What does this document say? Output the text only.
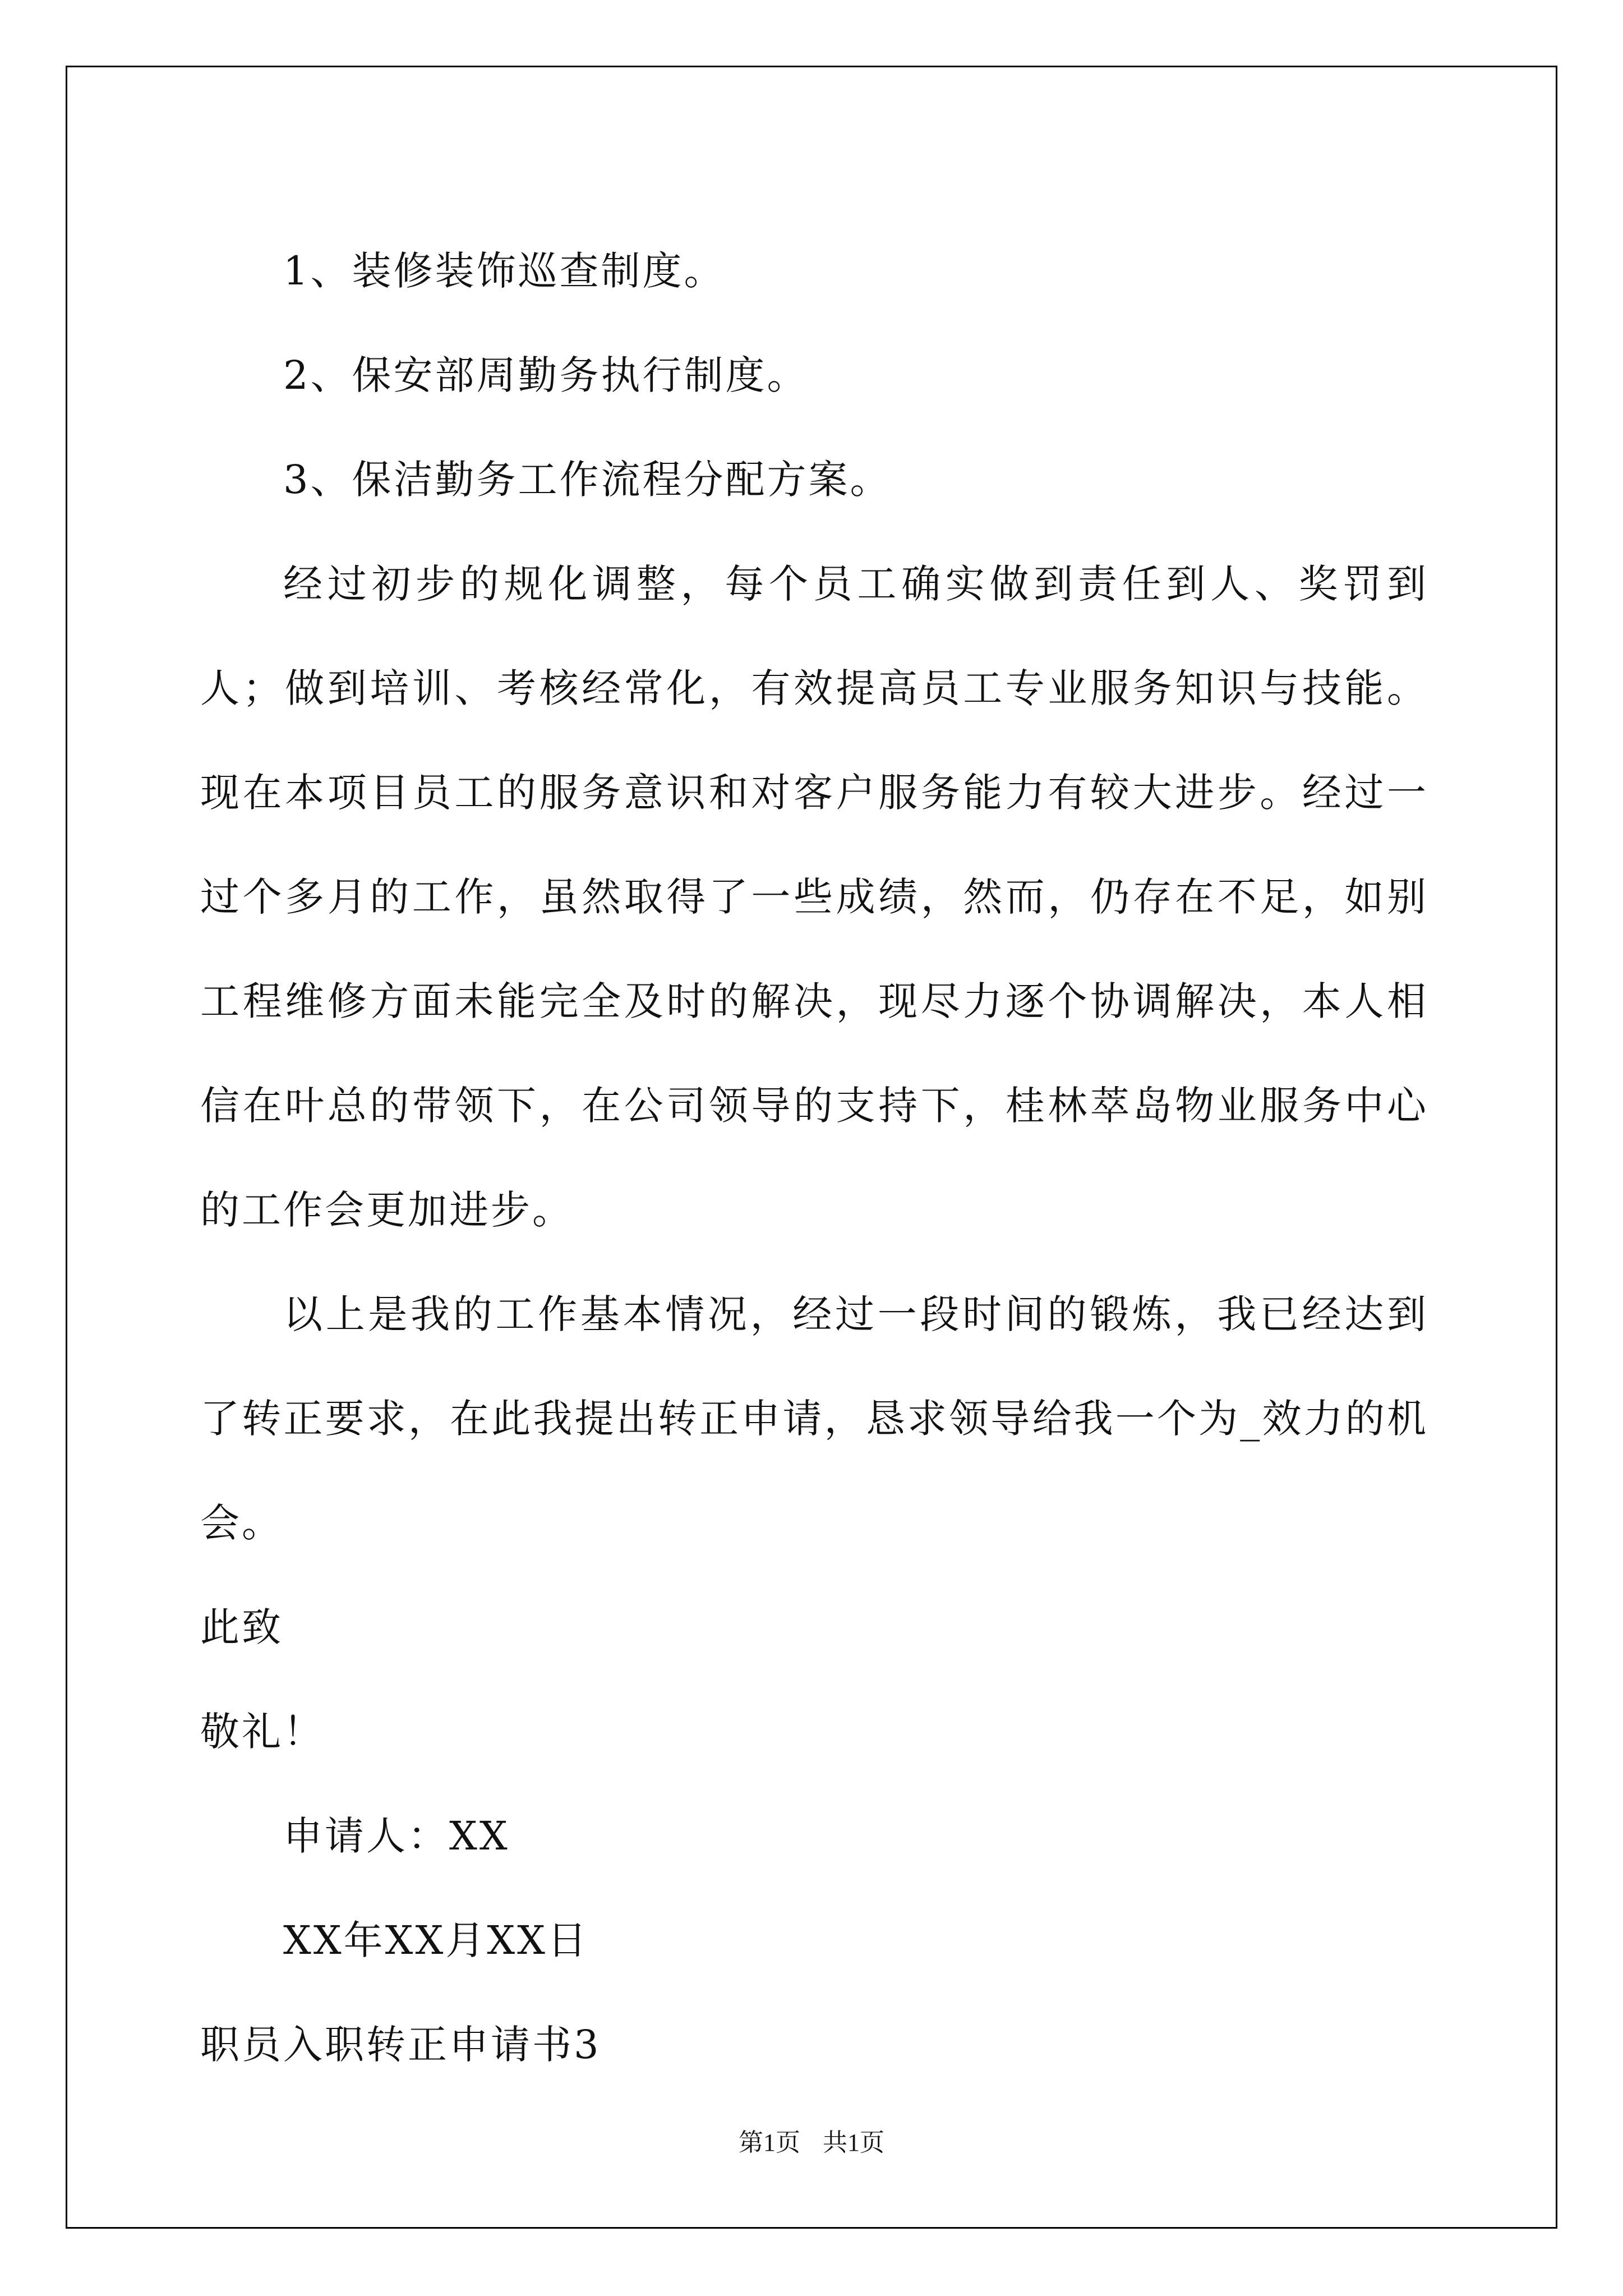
1、装修装饰巡查制度。

2、保安部周勤务执行制度。

3、保洁勤务工作流程分配方案。

经过初步的规化调整，每个员工确实做到责任到人、奖罚到人；做到培训、考核经常化，有效提高员工专业服务知识与技能。现在本项目员工的服务意识和对客户服务能力有较大进步。经过一过个多月的工作，虽然取得了一些成绩，然而，仍存在不足，如别工程维修方面未能完全及时的解决，现尽力逐个协调解决，本人相信在叶总的带领下，在公司领导的支持下，桂林萃岛物业服务中心的工作会更加进步。

以上是我的工作基本情况，经过一段时间的锻炼，我已经达到了转正要求，在此我提出转正申请，恳求领导给我一个为_效力的机会。

此致

敬礼！

申请人：XX

XX年XX月XX日

职员入职转正申请书3

第1页 共1页
